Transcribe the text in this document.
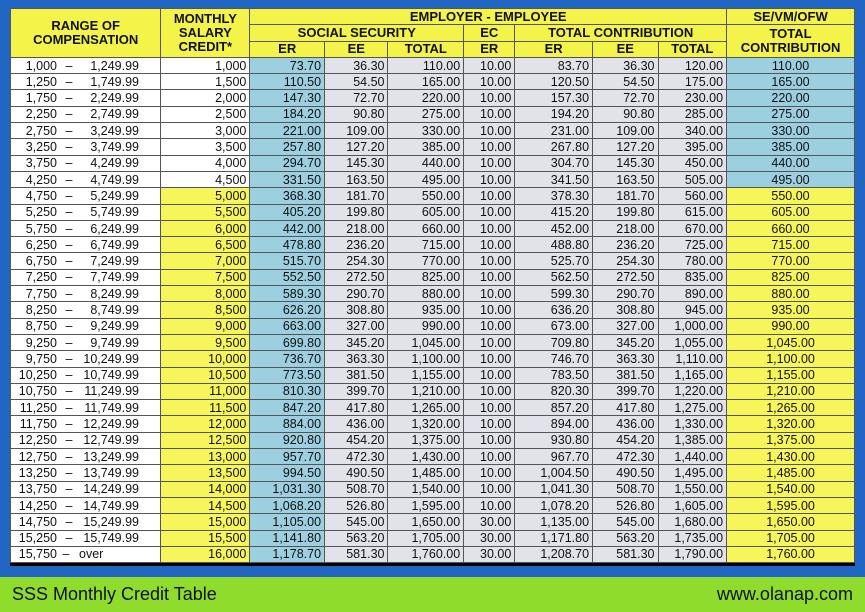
RANGE OF COMPENSATION	MONTHLY SALARY CREDIT*	EMPLOYER - EMPLOYEE							SE/VM/OFW
		SOCIAL SECURITY			EC	TOTAL CONTRIBUTION			TOTAL CONTRIBUTION
		ER	EE	TOTAL	ER	ER	EE	TOTAL	
1,000 – 1,249.99	1,000	73.70	36.30	110.00	10.00	83.70	36.30	120.00	110.00
1,250 – 1,749.99	1,500	110.50	54.50	165.00	10.00	120.50	54.50	175.00	165.00
1,750 – 2,249.99	2,000	147.30	72.70	220.00	10.00	157.30	72.70	230.00	220.00
2,250 – 2,749.99	2,500	184.20	90.80	275.00	10.00	194.20	90.80	285.00	275.00
2,750 – 3,249.99	3,000	221.00	109.00	330.00	10.00	231.00	109.00	340.00	330.00
3,250 – 3,749.99	3,500	257.80	127.20	385.00	10.00	267.80	127.20	395.00	385.00
3,750 – 4,249.99	4,000	294.70	145.30	440.00	10.00	304.70	145.30	450.00	440.00
4,250 – 4,749.99	4,500	331.50	163.50	495.00	10.00	341.50	163.50	505.00	495.00
4,750 – 5,249.99	5,000	368.30	181.70	550.00	10.00	378.30	181.70	560.00	550.00
5,250 – 5,749.99	5,500	405.20	199.80	605.00	10.00	415.20	199.80	615.00	605.00
5,750 – 6,249.99	6,000	442.00	218.00	660.00	10.00	452.00	218.00	670.00	660.00
6,250 – 6,749.99	6,500	478.80	236.20	715.00	10.00	488.80	236.20	725.00	715.00
6,750 – 7,249.99	7,000	515.70	254.30	770.00	10.00	525.70	254.30	780.00	770.00
7,250 – 7,749.99	7,500	552.50	272.50	825.00	10.00	562.50	272.50	835.00	825.00
7,750 – 8,249.99	8,000	589.30	290.70	880.00	10.00	599.30	290.70	890.00	880.00
8,250 – 8,749.99	8,500	626.20	308.80	935.00	10.00	636.20	308.80	945.00	935.00
8,750 – 9,249.99	9,000	663.00	327.00	990.00	10.00	673.00	327.00	1,000.00	990.00
9,250 – 9,749.99	9,500	699.80	345.20	1,045.00	10.00	709.80	345.20	1,055.00	1,045.00
9,750 – 10,249.99	10,000	736.70	363.30	1,100.00	10.00	746.70	363.30	1,110.00	1,100.00
10,250 – 10,749.99	10,500	773.50	381.50	1,155.00	10.00	783.50	381.50	1,165.00	1,155.00
10,750 – 11,249.99	11,000	810.30	399.70	1,210.00	10.00	820.30	399.70	1,220.00	1,210.00
11,250 – 11,749.99	11,500	847.20	417.80	1,265.00	10.00	857.20	417.80	1,275.00	1,265.00
11,750 – 12,249.99	12,000	884.00	436.00	1,320.00	10.00	894.00	436.00	1,330.00	1,320.00
12,250 – 12,749.99	12,500	920.80	454.20	1,375.00	10.00	930.80	454.20	1,385.00	1,375.00
12,750 – 13,249.99	13,000	957.70	472.30	1,430.00	10.00	967.70	472.30	1,440.00	1,430.00
13,250 – 13,749.99	13,500	994.50	490.50	1,485.00	10.00	1,004.50	490.50	1,495.00	1,485.00
13,750 – 14,249.99	14,000	1,031.30	508.70	1,540.00	10.00	1,041.30	508.70	1,550.00	1,540.00
14,250 – 14,749.99	14,500	1,068.20	526.80	1,595.00	10.00	1,078.20	526.80	1,605.00	1,595.00
14,750 – 15,249.99	15,000	1,105.00	545.00	1,650.00	30.00	1,135.00	545.00	1,680.00	1,650.00
15,250 – 15,749.99	15,500	1,141.80	563.20	1,705.00	30.00	1,171.80	563.20	1,735.00	1,705.00
15,750 – over	16,000	1,178.70	581.30	1,760.00	30.00	1,208.70	581.30	1,790.00	1,760.00
SSS Monthly Credit Table	www.olanap.com
